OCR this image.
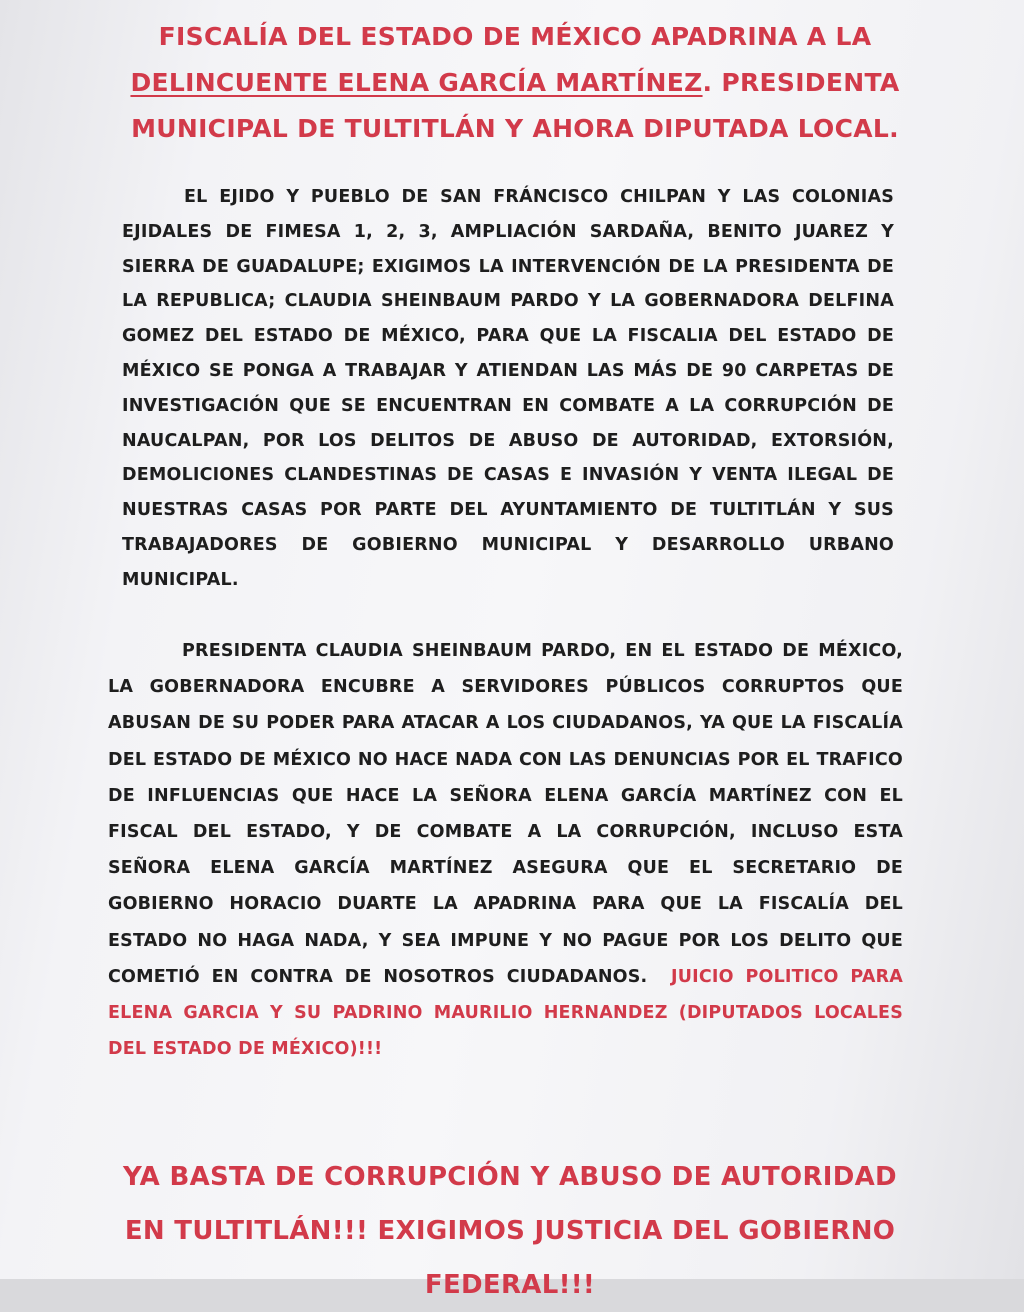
FISCALÍA DEL ESTADO DE MÉXICO APADRINA A LA DELINCUENTE ELENA GARCÍA MARTÍNEZ. PRESIDENTA MUNICIPAL DE TULTITLÁN Y AHORA DIPUTADA LOCAL.

EL EJIDO Y PUEBLO DE SAN FRÁNCISCO CHILPAN Y LAS COLONIAS EJIDALES DE FIMESA 1, 2, 3, AMPLIACIÓN SARDAÑA, BENITO JUAREZ Y SIERRA DE GUADALUPE; EXIGIMOS LA INTERVENCIÓN DE LA PRESIDENTA DE LA REPUBLICA; CLAUDIA SHEINBAUM PARDO Y LA GOBERNADORA DELFINA GOMEZ DEL ESTADO DE MÉXICO, PARA QUE LA FISCALIA DEL ESTADO DE MÉXICO SE PONGA A TRABAJAR Y ATIENDAN LAS MÁS DE 90 CARPETAS DE INVESTIGACIÓN QUE SE ENCUENTRAN EN COMBATE A LA CORRUPCIÓN DE NAUCALPAN, POR LOS DELITOS DE ABUSO DE AUTORIDAD, EXTORSIÓN, DEMOLICIONES CLANDESTINAS DE CASAS E INVASIÓN Y VENTA ILEGAL DE NUESTRAS CASAS POR PARTE DEL AYUNTAMIENTO DE TULTITLÁN Y SUS TRABAJADORES DE GOBIERNO MUNICIPAL Y DESARROLLO URBANO MUNICIPAL.

PRESIDENTA CLAUDIA SHEINBAUM PARDO, EN EL ESTADO DE MÉXICO, LA GOBERNADORA ENCUBRE A SERVIDORES PÚBLICOS CORRUPTOS QUE ABUSAN DE SU PODER PARA ATACAR A LOS CIUDADANOS, YA QUE LA FISCALÍA DEL ESTADO DE MÉXICO NO HACE NADA CON LAS DENUNCIAS POR EL TRAFICO DE INFLUENCIAS QUE HACE LA SEÑORA ELENA GARCÍA MARTÍNEZ CON EL FISCAL DEL ESTADO, Y DE COMBATE A LA CORRUPCIÓN, INCLUSO ESTA SEÑORA ELENA GARCÍA MARTÍNEZ ASEGURA QUE EL SECRETARIO DE GOBIERNO HORACIO DUARTE LA APADRINA PARA QUE LA FISCALÍA DEL ESTADO NO HAGA NADA, Y SEA IMPUNE Y NO PAGUE POR LOS DELITO QUE COMETIÓ EN CONTRA DE NOSOTROS CIUDADANOS. JUICIO POLITICO PARA ELENA GARCIA Y SU PADRINO MAURILIO HERNANDEZ (DIPUTADOS LOCALES DEL ESTADO DE MÉXICO)!!!

YA BASTA DE CORRUPCIÓN Y ABUSO DE AUTORIDAD EN TULTITLÁN!!! EXIGIMOS JUSTICIA DEL GOBIERNO FEDERAL!!!
